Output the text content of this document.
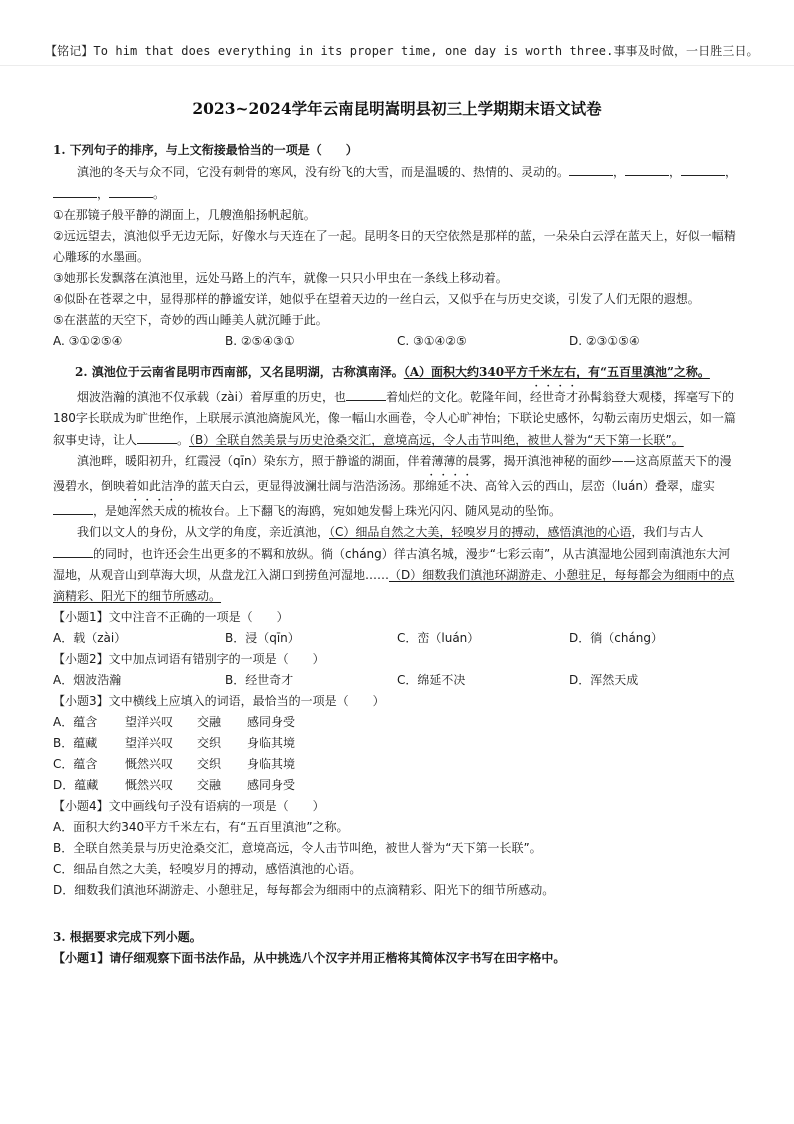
【铭记】To him that does everything in its proper time, one day is worth three.事事及时做，一日胜三日。
2023~2024学年云南昆明嵩明县初三上学期期末语文试卷
1. 下列句子的排序，与上文衔接最恰当的一项是（　　）
滇池的冬天与众不同，它没有刺骨的寒风，没有纷飞的大雪，而是温暖的、热情的、灵动的。	，	，	，
，	。
①在那镜子般平静的湖面上，几艘渔船扬帆起航。
②远远望去，滇池似乎无边无际，好像水与天连在了一起。昆明冬日的天空依然是那样的蓝，一朵朵白云浮在蓝天上，好似一幅精心雕琢的水墨画。
③她那长发飘落在滇池里，远处马路上的汽车，就像一只只小甲虫在一条线上移动着。
④似卧在苍翠之中，显得那样的静谧安详，她似乎在望着天边的一丝白云，又似乎在与历史交谈，引发了人们无限的遐想。
⑤在湛蓝的天空下，奇妙的西山睡美人就沉睡于此。
A. ③①②⑤④	B. ②⑤④③①	C. ③①④②⑤	D. ②③①⑤④
2. 滇池位于云南省昆明市西南部，又名昆明湖，古称滇南泽。（A）面积大约340平方千米左右，有“五百里滇池”之称。
烟波浩瀚的滇池不仅承载（zài）着厚重的历史，也	着灿烂的文化。乾隆年间，经世奇才孙髯翁登大观楼，挥毫写下的180字长联成为旷世绝作，上联展示滇池旖旎风光，像一幅山水画卷，令人心旷神怡；下联论史感怀，勾勒云南历史烟云，如一篇叙事史诗，让人	。（B）全联自然美景与历史沧桑交汇，意境高远，令人击节叫绝，被世人誉为“天下第一长联”。
滇池畔，暖阳初升，红霞浸（qīn）染东方，照于静谧的湖面，伴着薄薄的晨雾，揭开滇池神秘的面纱——这高原蓝天下的漫漫碧水，倒映着如此洁净的蓝天白云，更显得波澜壮阔与浩浩汤汤。那绵延不决、高耸入云的西山，层峦（luán）叠翠，虚实，是她浑然天成的梳妆台。上下翻飞的海鸥，宛如她发髻上珠光闪闪、随风晃动的坠饰。
我们以文人的身份，从文学的角度，亲近滇池，（C）细品自然之大美，轻嗅岁月的搏动，感悟滇池的心语，我们与古人的同时，也许还会生出更多的不羁和放纵。徜（cháng）徉古滇名城，漫步“七彩云南”，从古滇湿地公园到南滇池东大河湿地，从观音山到草海大坝，从盘龙江入湖口到捞鱼河湿地……（D）细数我们滇池环湖游走、小憩驻足，每每都会为细雨中的点滴精彩、阳光下的细节所感动。
【小题1】文中注音不正确的一项是（　　）
A．载（zài）	B．浸（qīn）	C．峦（luán）	D．徜（cháng）
【小题2】文中加点词语有错别字的一项是（　　）
A．烟波浩瀚	B．经世奇才	C．绵延不决	D．浑然天成
【小题3】文中横线上应填入的词语，最恰当的一项是（　　）
A．蕴含	望洋兴叹	交融	感同身受
B．蕴藏	望洋兴叹	交织	身临其境
C．蕴含	慨然兴叹	交织	身临其境
D．蕴藏	慨然兴叹	交融	感同身受
【小题4】文中画线句子没有语病的一项是（　　）
A．面积大约340平方千米左右，有“五百里滇池”之称。
B．全联自然美景与历史沧桑交汇，意境高远，令人击节叫绝，被世人誉为“天下第一长联”。
C．细品自然之大美，轻嗅岁月的搏动，感悟滇池的心语。
D．细数我们滇池环湖游走、小憩驻足，每每都会为细雨中的点滴精彩、阳光下的细节所感动。
3. 根据要求完成下列小题。
【小题1】请仔细观察下面书法作品，从中挑选八个汉字并用正楷将其简体汉字书写在田字格中。
